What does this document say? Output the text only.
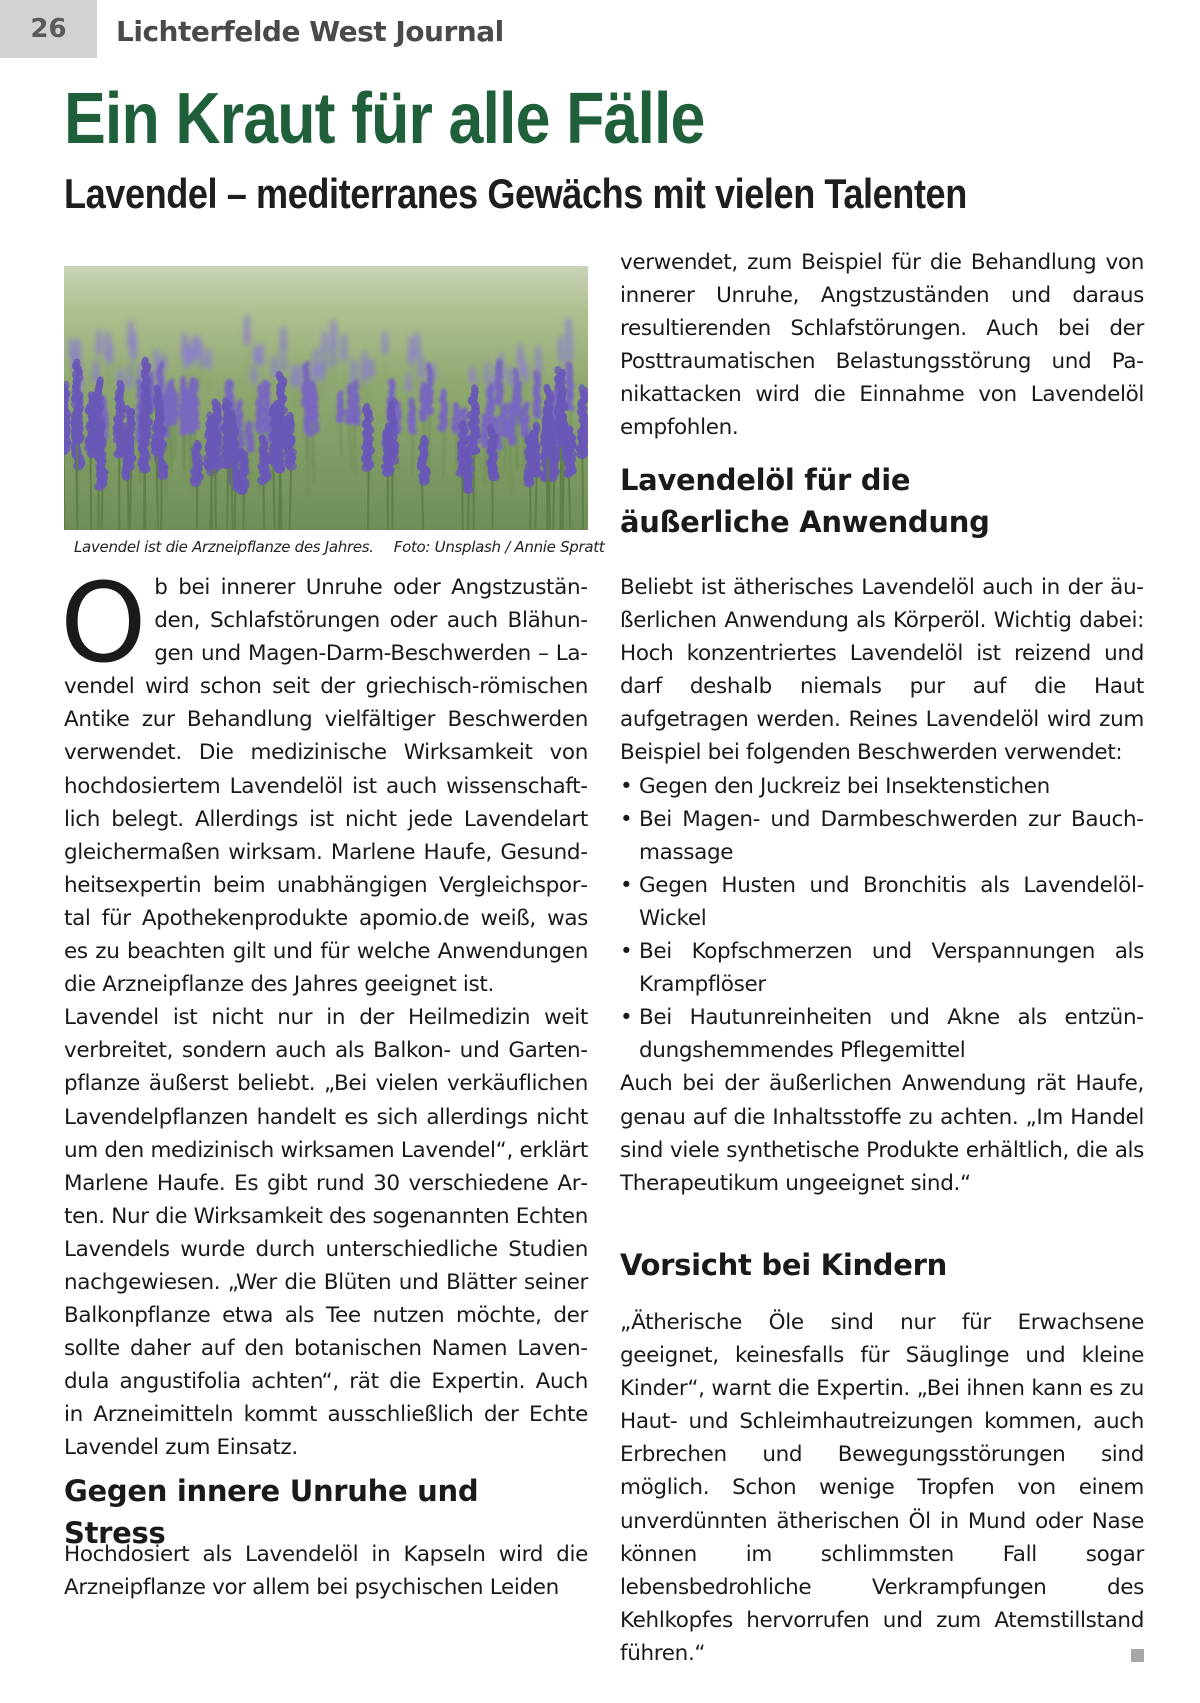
26	Lichterfelde West Journal
Ein Kraut für alle Fälle
Lavendel – mediterranes Gewächs mit vielen Talenten
Lavendel ist die Arzneipflanze des Jahres. Foto: Unsplash / Annie Spratt

Ob bei innerer Unruhe oder Angstzuständen, Schlafstörungen oder auch Blähungen und Magen-Darm-Beschwerden – Lavendel wird schon seit der griechisch-römischen Antike zur Behandlung vielfältiger Beschwerden verwendet. Die medizinische Wirksamkeit von hochdosiertem Lavendelöl ist auch wissenschaftlich belegt. Allerdings ist nicht jede Lavendelart gleichermaßen wirksam. Marlene Haufe, Gesundheitsexpertin beim unabhängigen Vergleichsportal für Apothekenprodukte apomio.de weiß, was es zu beachten gilt und für welche Anwendungen die Arzneipflanze des Jahres geeignet ist.

Lavendel ist nicht nur in der Heilmedizin weit verbreitet, sondern auch als Balkon- und Gartenpflanze äußerst beliebt. „Bei vielen verkäuflichen Lavendelpflanzen handelt es sich allerdings nicht um den medizinisch wirksamen Lavendel“, erklärt Marlene Haufe. Es gibt rund 30 verschiedene Arten. Nur die Wirksamkeit des sogenannten Echten Lavendels wurde durch unterschiedliche Studien nachgewiesen. „Wer die Blüten und Blätter seiner Balkonpflanze etwa als Tee nutzen möchte, der sollte daher auf den botanischen Namen Lavendula angustifolia achten“, rät die Expertin. Auch in Arzneimitteln kommt ausschließlich der Echte Lavendel zum Einsatz.

Gegen innere Unruhe und Stress

Hochdosiert als Lavendelöl in Kapseln wird die Arzneipflanze vor allem bei psychischen Leiden

verwendet, zum Beispiel für die Behandlung von innerer Unruhe, Angstzuständen und daraus resultierenden Schlafstörungen. Auch bei der Posttraumatischen Belastungsstörung und Panikattacken wird die Einnahme von Lavendelöl empfohlen.

Lavendelöl für die
äußerliche Anwendung

Beliebt ist ätherisches Lavendelöl auch in der äußerlichen Anwendung als Körperöl. Wichtig dabei: Hoch konzentriertes Lavendelöl ist reizend und darf deshalb niemals pur auf die Haut aufgetragen werden. Reines Lavendelöl wird zum Beispiel bei folgenden Beschwerden verwendet:

• Gegen den Juckreiz bei Insektenstichen
• Bei Magen- und Darmbeschwerden zur Bauchmassage
• Gegen Husten und Bronchitis als Lavendelöl-Wickel
• Bei Kopfschmerzen und Verspannungen als Krampflöser
• Bei Hautunreinheiten und Akne als entzündungshemmendes Pflegemittel

Auch bei der äußerlichen Anwendung rät Haufe, genau auf die Inhaltsstoffe zu achten. „Im Handel sind viele synthetische Produkte erhältlich, die als Therapeutikum ungeeignet sind.“

Vorsicht bei Kindern

„Ätherische Öle sind nur für Erwachsene geeignet, keinesfalls für Säuglinge und kleine Kinder“, warnt die Expertin. „Bei ihnen kann es zu Haut- und Schleimhautreizungen kommen, auch Erbrechen und Bewegungsstörungen sind möglich. Schon wenige Tropfen von einem unverdünnten ätherischen Öl in Mund oder Nase können im schlimmsten Fall sogar lebensbedrohliche Verkrampfungen des Kehlkopfes hervorrufen und zum Atemstillstand führen.“
